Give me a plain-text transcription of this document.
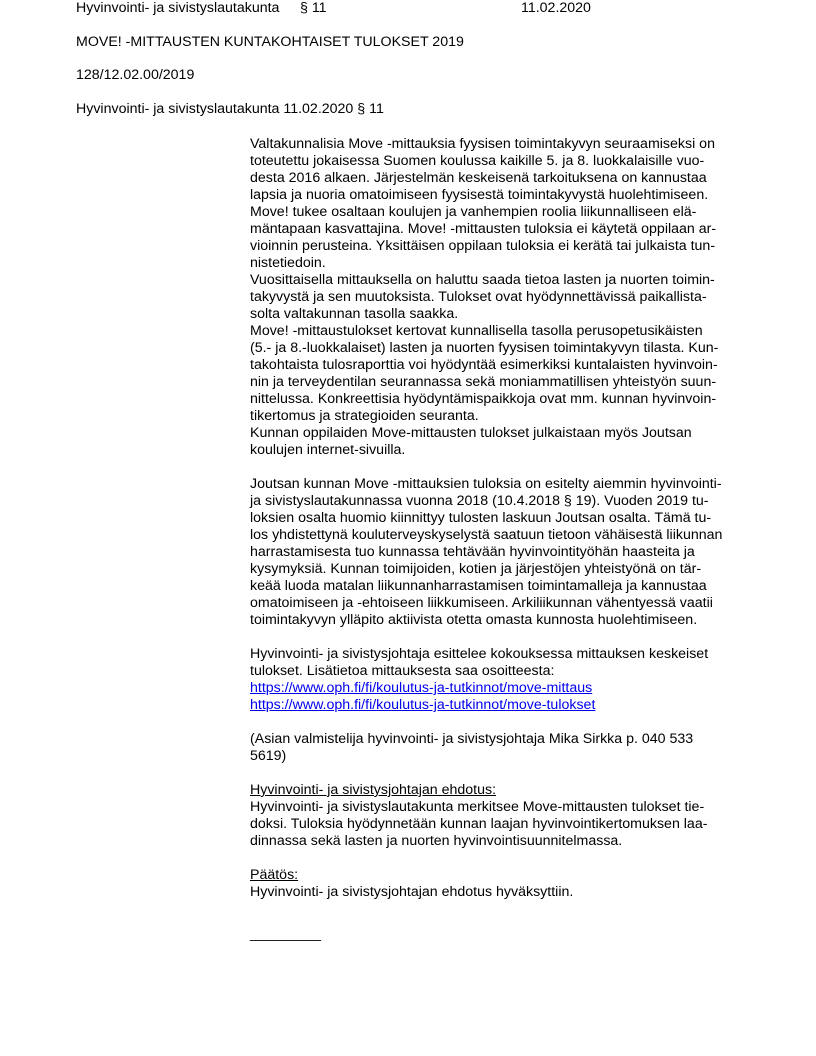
Hyvinvointi- ja sivistyslautakunta § 11	11.02.2020
MOVE! -MITTAUSTEN KUNTAKOHTAISET TULOKSET 2019
128/12.02.00/2019
Hyvinvointi- ja sivistyslautakunta 11.02.2020 § 11
Valtakunnalisia Move -mittauksia fyysisen toimintakyvyn seuraamiseksi on
toteutettu jokaisessa Suomen koulussa kaikille 5. ja 8. luokkalaisille vuo-
desta 2016 alkaen. Järjestelmän keskeisenä tarkoituksena on kannustaa
lapsia ja nuoria omatoimiseen fyysisestä toimintakyvystä huolehtimiseen.
Move! tukee osaltaan koulujen ja vanhempien roolia liikunnalliseen elä-
mäntapaan kasvattajina. Move! -mittausten tuloksia ei käytetä oppilaan ar-
vioinnin perusteina. Yksittäisen oppilaan tuloksia ei kerätä tai julkaista tun-
nistetiedoin.
Vuosittaisella mittauksella on haluttu saada tietoa lasten ja nuorten toimin-
takyvystä ja sen muutoksista. Tulokset ovat hyödynnettävissä paikallista-
solta valtakunnan tasolla saakka.
Move! -mittaustulokset kertovat kunnallisella tasolla perusopetusikäisten
(5.- ja 8.-luokkalaiset) lasten ja nuorten fyysisen toimintakyvyn tilasta. Kun-
takohtaista tulosraporttia voi hyödyntää esimerkiksi kuntalaisten hyvinvoin-
nin ja terveydentilan seurannassa sekä moniammatillisen yhteistyön suun-
nittelussa. Konkreettisia hyödyntämispaikkoja ovat mm. kunnan hyvinvoin-
tikertomus ja strategioiden seuranta.
Kunnan oppilaiden Move-mittausten tulokset julkaistaan myös Joutsan
koulujen internet-sivuilla.
Joutsan kunnan Move -mittauksien tuloksia on esitelty aiemmin hyvinvointi-
ja sivistyslautakunnassa vuonna 2018 (10.4.2018 § 19). Vuoden 2019 tu-
loksien osalta huomio kiinnittyy tulosten laskuun Joutsan osalta. Tämä tu-
los yhdistettynä kouluterveyskyselystä saatuun tietoon vähäisestä liikunnan
harrastamisesta tuo kunnassa tehtävään hyvinvointityöhän haasteita ja
kysymyksiä. Kunnan toimijoiden, kotien ja järjestöjen yhteistyönä on tär-
keää luoda matalan liikunnanharrastamisen toimintamalleja ja kannustaa
omatoimiseen ja -ehtoiseen liikkumiseen. Arkiliikunnan vähentyessä vaatii
toimintakyvyn ylläpito aktiivista otetta omasta kunnosta huolehtimiseen.
Hyvinvointi- ja sivistysjohtaja esittelee kokouksessa mittauksen keskeiset
tulokset. Lisätietoa mittauksesta saa osoitteesta:
https://www.oph.fi/fi/koulutus-ja-tutkinnot/move-mittaus
https://www.oph.fi/fi/koulutus-ja-tutkinnot/move-tulokset
(Asian valmistelija hyvinvointi- ja sivistysjohtaja Mika Sirkka p. 040 533
5619)
Hyvinvointi- ja sivistysjohtajan ehdotus:
Hyvinvointi- ja sivistyslautakunta merkitsee Move-mittausten tulokset tie-
doksi. Tuloksia hyödynnetään kunnan laajan hyvinvointikertomuksen laa-
dinnassa sekä lasten ja nuorten hyvinvointisuunnitelmassa.
Päätös:
Hyvinvointi- ja sivistysjohtajan ehdotus hyväksyttiin.
_________
